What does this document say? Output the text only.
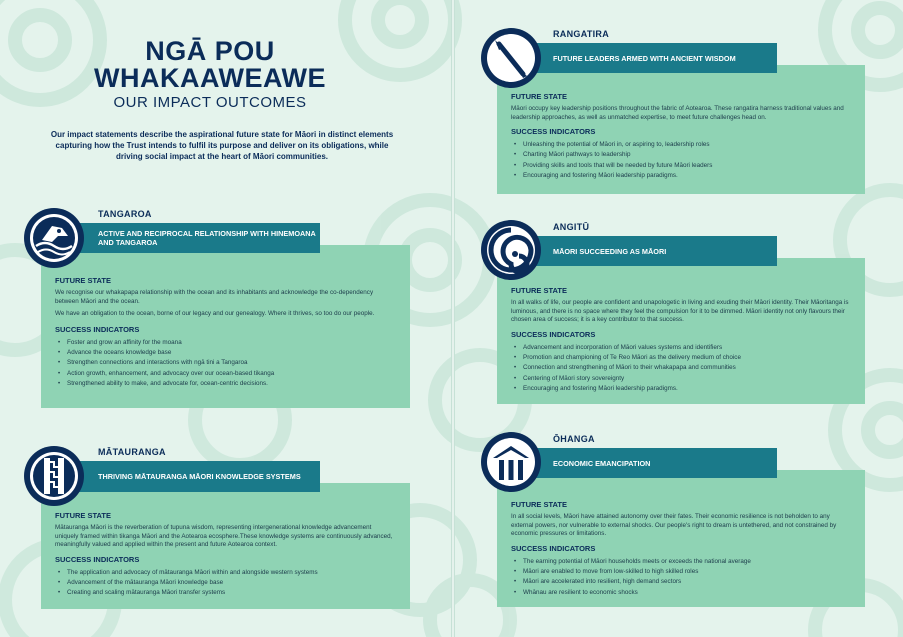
NGĀ POU
WHAKAAWEAWE
OUR IMPACT OUTCOMES
Our impact statements describe the aspirational future state for Māori in distinct elements capturing how the Trust intends to fulfil its purpose and deliver on its obligations, while driving social impact at the heart of Māori communities.
FUTURE STATE

We recognise our whakapapa relationship with the ocean and its inhabitants and acknowledge the co-dependency between Māori and the ocean.

We have an obligation to the ocean, borne of our legacy and our genealogy. Where it thrives, so too do our people.

SUCCESS INDICATORS
• Foster and grow an affinity for the moana
• Advance the oceans knowledge base
• Strengthen connections and interactions with ngā tini a Tangaroa
• Action growth, enhancement, and advocacy over our ocean-based tikanga
• Strengthened ability to make, and advocate for, ocean-centric decisions.
ACTIVE AND RECIPROCAL RELATIONSHIP WITH HINEMOANA AND TANGAROA
TANGAROA
FUTURE STATE

Mātauranga Māori is the reverberation of tupuna wisdom, representing intergenerational knowledge advancement uniquely framed within tikanga Māori and the Aotearoa ecosphere.These knowledge systems are continuously advanced, meaningfully valued and applied within the present and future Aotearoa context.

SUCCESS INDICATORS
• The application and advocacy of mātauranga Māori within and alongside western systems
• Advancement of the mātauranga Māori knowledge base
• Creating and scaling mātauranga Māori transfer systems
THRIVING MĀTAURANGA MĀORI KNOWLEDGE SYSTEMS
MĀTAURANGA
FUTURE STATE

Māori occupy key leadership positions throughout the fabric of Aotearoa. These rangatira harness traditional values and leadership approaches, as well as unmatched expertise, to meet future challenges head on.

SUCCESS INDICATORS
• Unleashing the potential of Māori in, or aspiring to, leadership roles
• Charting Māori pathways to leadership
• Providing skills and tools that will be needed by future Māori leaders
• Encouraging and fostering Māori leadership paradigms.
FUTURE LEADERS ARMED WITH ANCIENT WISDOM
RANGATIRA
FUTURE STATE

In all walks of life, our people are confident and unapologetic in living and exuding their Māori identity. Their Māoritanga is luminous, and there is no space where they feel the compulsion for it to be dimmed. Māori identity not only flavours their chosen area of success; it is a key contributor to that success.

SUCCESS INDICATORS
• Advancement and incorporation of Māori values systems and identifiers
• Promotion and championing of Te Reo Māori as the delivery medium of choice
• Connection and strengthening of Māori to their whakapapa and communities
• Centering of Māori story sovereignty
• Encouraging and fostering Māori leadership paradigms.
MĀORI SUCCEEDING AS MĀORI
ANGITŪ
FUTURE STATE

In all social levels, Māori have attained autonomy over their fates. Their economic resilience is not beholden to any external powers, nor vulnerable to external shocks. Our people's right to dream is untethered, and not constrained by economic pressures or limitations.

SUCCESS INDICATORS
• The earning potential of Māori households meets or exceeds the national average
• Māori are enabled to move from low-skilled to high skilled roles
• Māori are accelerated into resilient, high demand sectors
• Whānau are resilient to economic shocks
ECONOMIC EMANCIPATION
ŌHANGA
